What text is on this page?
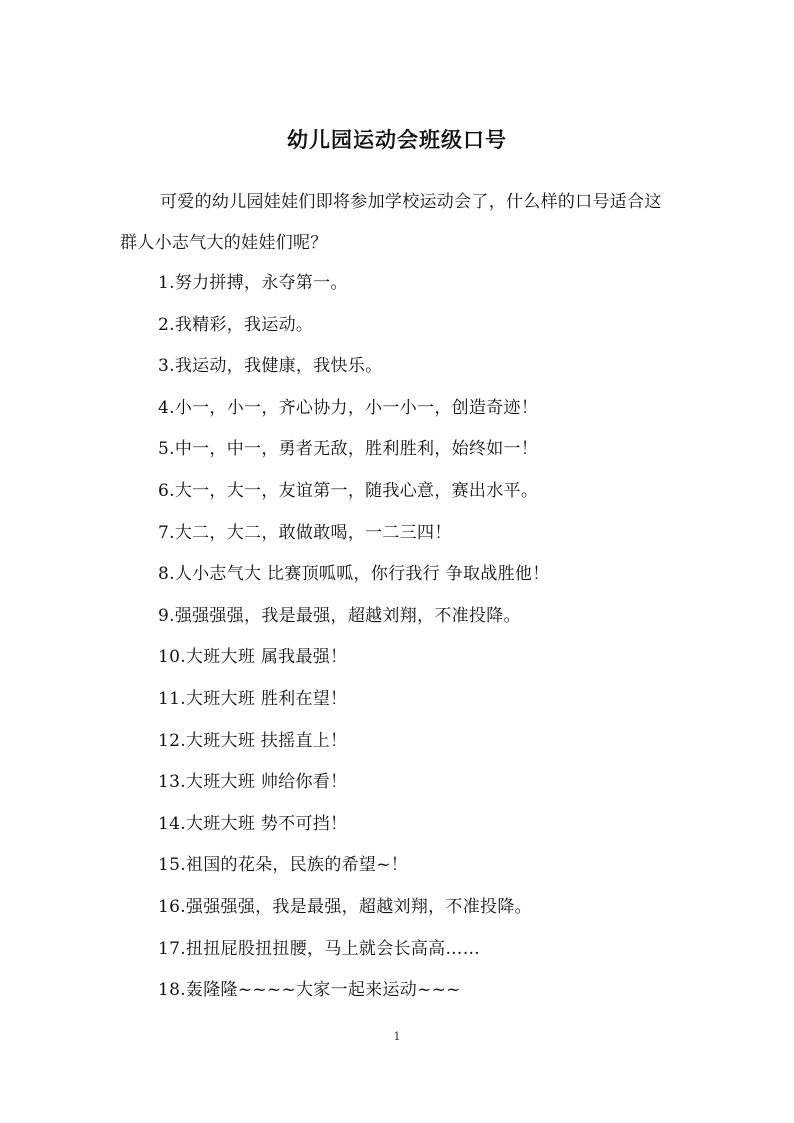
幼儿园运动会班级口号

可爱的幼儿园娃娃们即将参加学校运动会了，什么样的口号适合这群人小志气大的娃娃们呢？

1.努力拼搏，永夺第一。
2.我精彩，我运动。
3.我运动，我健康，我快乐。
4.小一，小一，齐心协力，小一小一，创造奇迹！
5.中一，中一，勇者无敌，胜利胜利，始终如一！
6.大一，大一，友谊第一，随我心意，赛出水平。
7.大二，大二，敢做敢喝，一二三四！
8.人小志气大 比赛顶呱呱，你行我行 争取战胜他！
9.强强强强，我是最强，超越刘翔，不准投降。
10.大班大班 属我最强！
11.大班大班 胜利在望！
12.大班大班 扶摇直上！
13.大班大班 帅给你看！
14.大班大班 势不可挡！
15.祖国的花朵，民族的希望~！
16.强强强强，我是最强，超越刘翔，不准投降。
17.扭扭屁股扭扭腰，马上就会长高高……
18.轰隆隆~~~~大家一起来运动~~~
1
